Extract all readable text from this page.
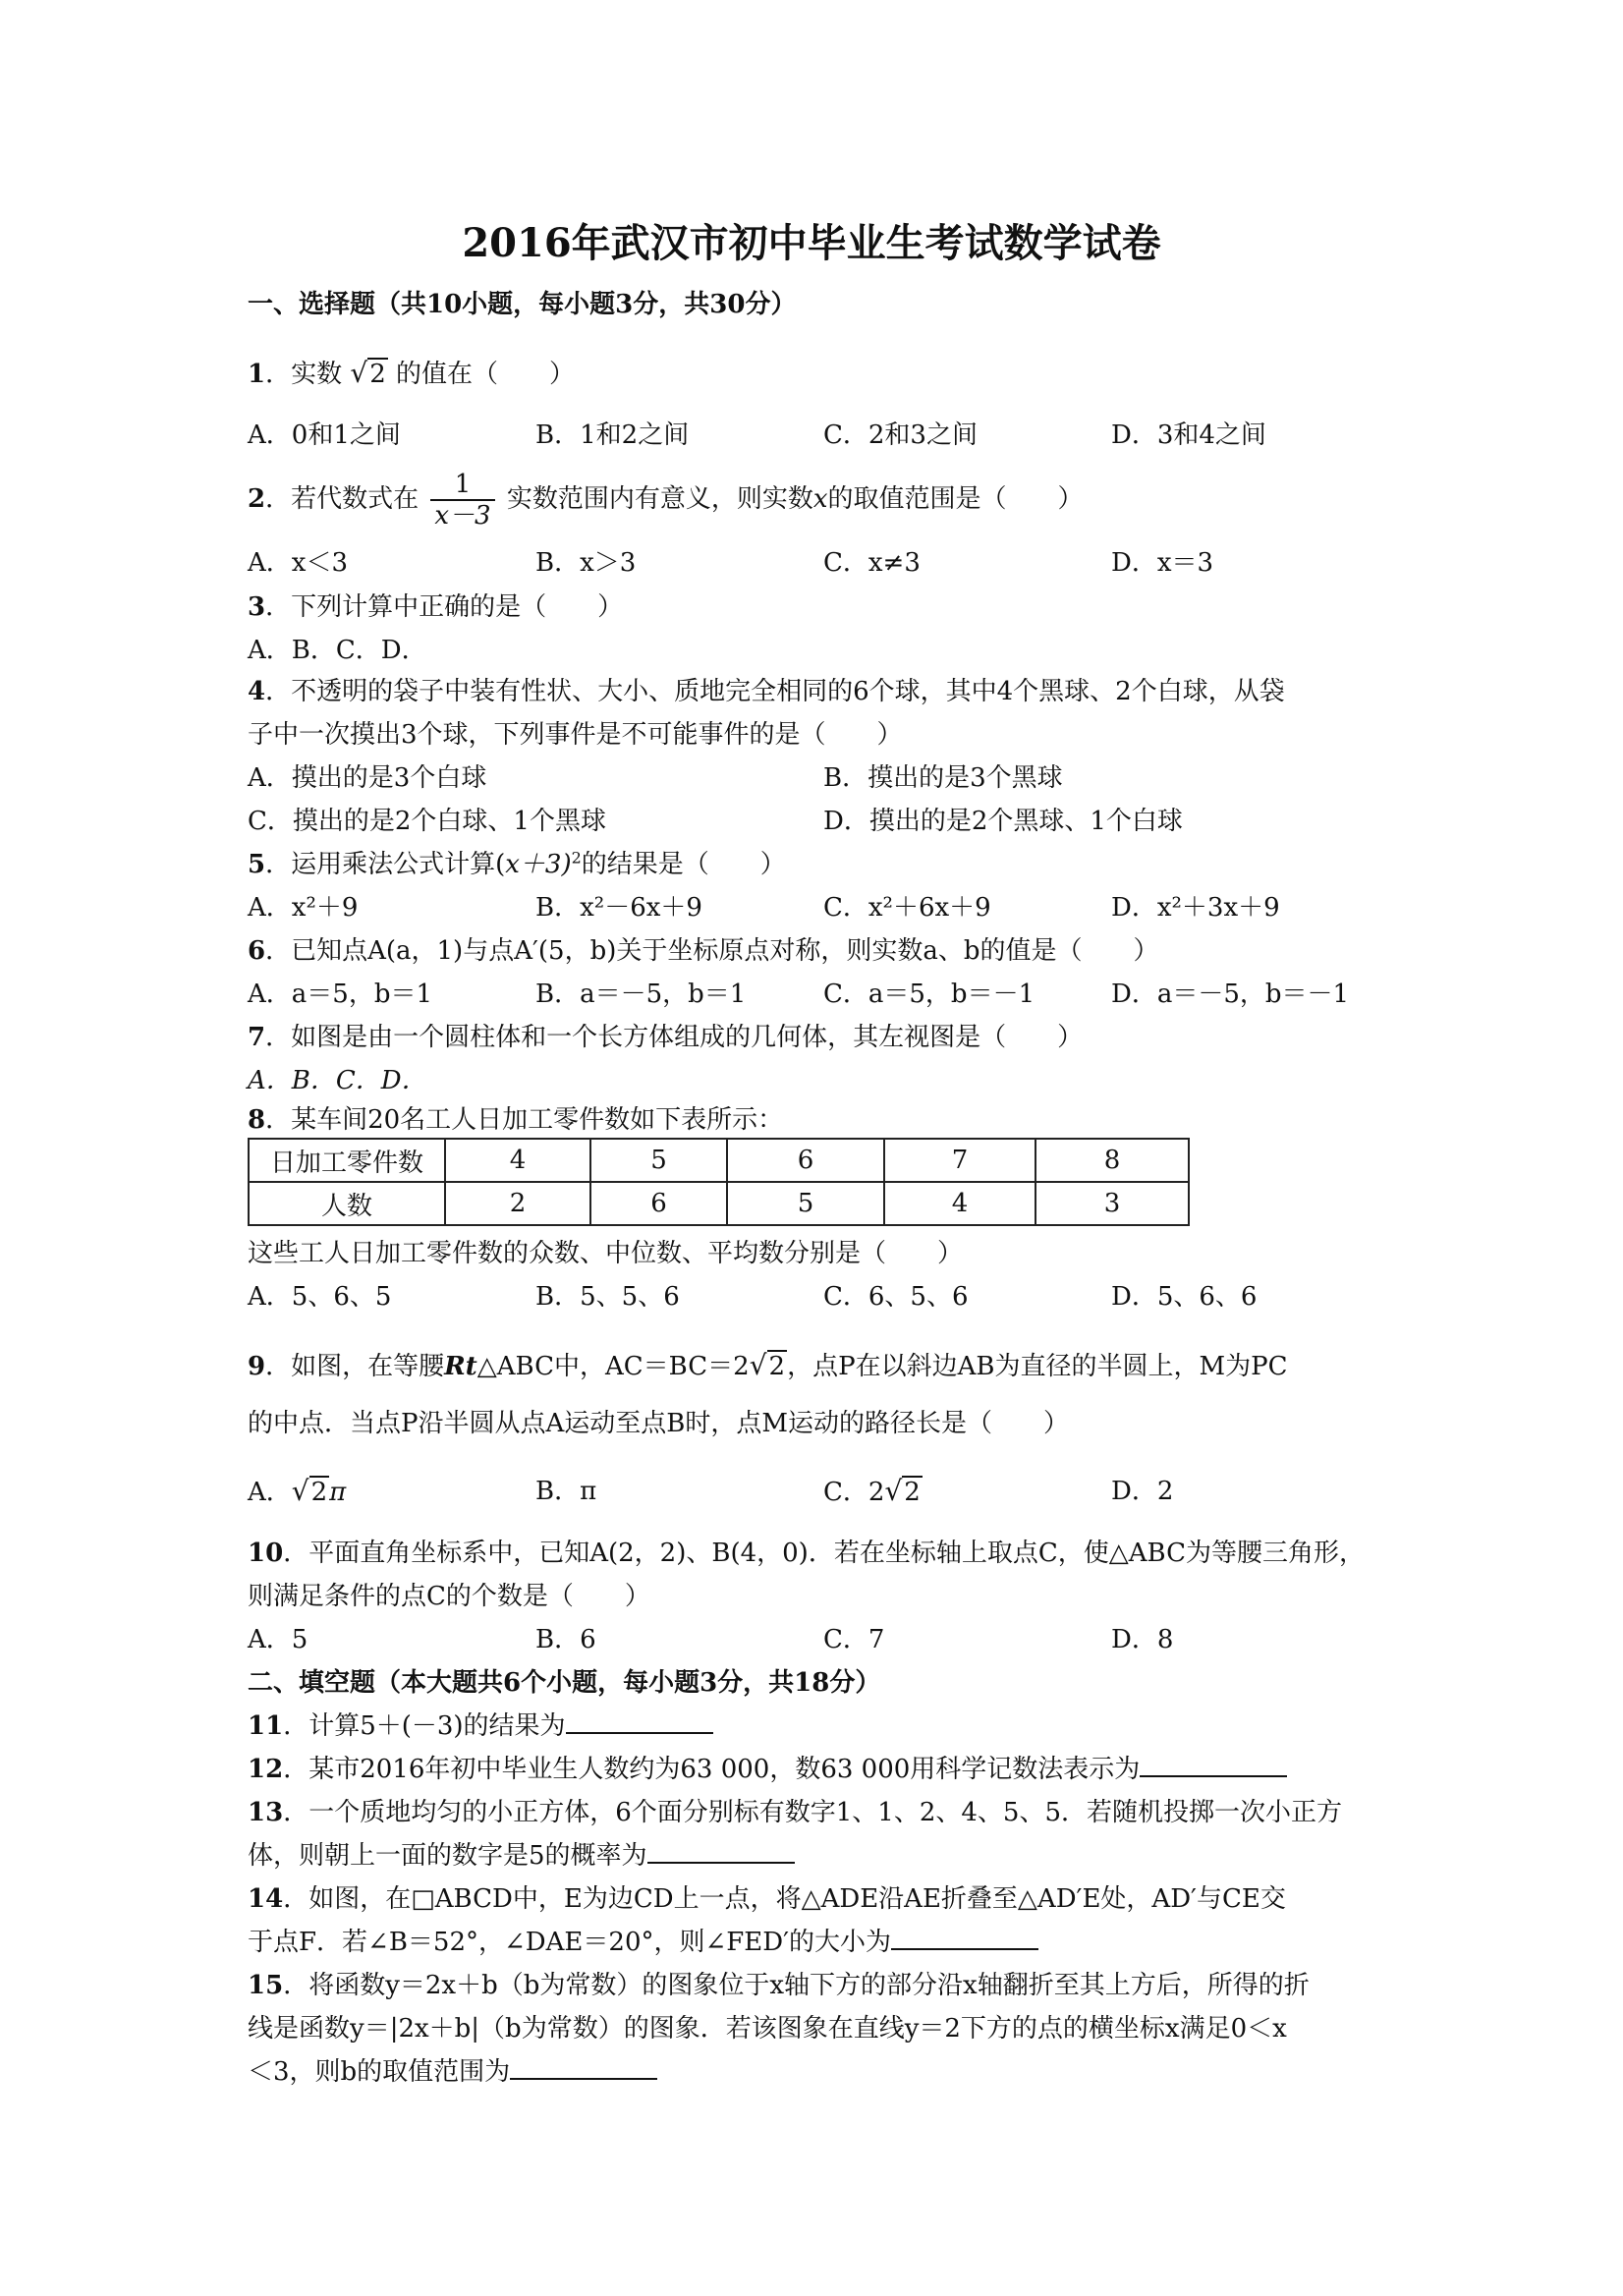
2016年武汉市初中毕业生考试数学试卷
一、选择题（共10小题，每小题3分，共30分）
1．实数 √2 的值在（　　）
A．0和1之间	B．1和2之间	C．2和3之间	D．3和4之间
2．若代数式在 $\frac{1}{x-3}$ 实数范围内有意义，则实数x的取值范围是（　　）
A．x＜3	B．x＞3	C．x≠3	D．x＝3
3．下列计算中正确的是（　　）
A．B．C．D．
4．不透明的袋子中装有性状、大小、质地完全相同的6个球，其中4个黑球、2个白球，从袋
子中一次摸出3个球，下列事件是不可能事件的是（　　）
A．摸出的是3个白球	B．摸出的是3个黑球
C．摸出的是2个白球、1个黑球	D．摸出的是2个黑球、1个白球
5．运用乘法公式计算$(x+3)^2$的结果是（　　）
A．x²＋9	B．x²－6x＋9	C．x²＋6x＋9	D．x²＋3x＋9
6．已知点A(a，1)与点A′(5，b)关于坐标原点对称，则实数a、b的值是（　　）
A．a＝5，b＝1	B．a＝－5，b＝1	C．a＝5，b＝－1	D．a＝－5，b＝－1
7．如图是由一个圆柱体和一个长方体组成的几何体，其左视图是（　　）
A．B．C．D．
8．某车间20名工人日加工零件数如下表所示：
日加工零件数	4	5	6	7	8
人数	2	6	5	4	3
这些工人日加工零件数的众数、中位数、平均数分别是（　　）
A．5、6、5	B．5、5、6	C．6、5、6	D．5、6、6
9．如图，在等腰Rt△ABC中，AC＝BC＝2√2，点P在以斜边AB为直径的半圆上，M为PC
的中点．当点P沿半圆从点A运动至点B时，点M运动的路径长是（　　）
A．√2π	B．π	C．2√2	D．2
10．平面直角坐标系中，已知A(2，2)、B(4，0)．若在坐标轴上取点C，使△ABC为等腰三角形，
则满足条件的点C的个数是（　　）
A．5	B．6	C．7	D．8
二、填空题（本大题共6个小题，每小题3分，共18分）
11．计算5＋(－3)的结果为
12．某市2016年初中毕业生人数约为63 000，数63 000用科学记数法表示为
13．一个质地均匀的小正方体，6个面分别标有数字1、1、2、4、5、5．若随机投掷一次小正方
体，则朝上一面的数字是5的概率为
14．如图，在□ABCD中，E为边CD上一点，将△ADE沿AE折叠至△AD′E处，AD′与CE交
于点F．若∠B＝52°，∠DAE＝20°，则∠FED′的大小为
15．将函数y＝2x＋b（b为常数）的图象位于x轴下方的部分沿x轴翻折至其上方后，所得的折
线是函数y＝|2x＋b|（b为常数）的图象．若该图象在直线y＝2下方的点的横坐标x满足0＜x
＜3，则b的取值范围为
